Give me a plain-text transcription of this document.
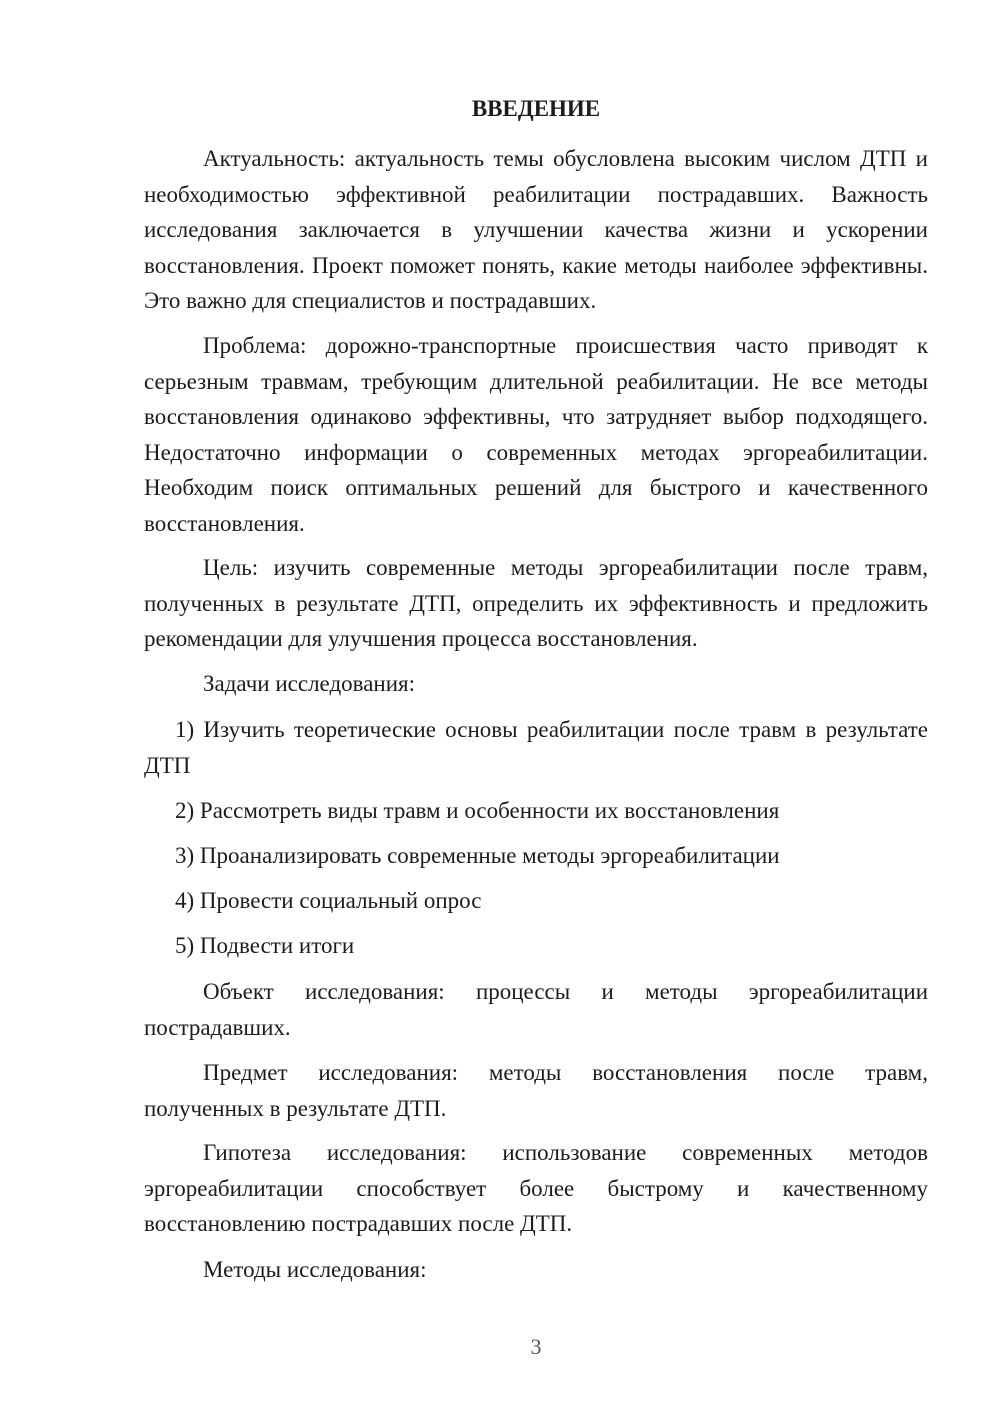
ВВЕДЕНИЕ

Актуальность: актуальность темы обусловлена высоким числом ДТП и необходимостью эффективной реабилитации пострадавших. Важность исследования заключается в улучшении качества жизни и ускорении восстановления. Проект поможет понять, какие методы наиболее эффективны. Это важно для специалистов и пострадавших.

Проблема: дорожно-транспортные происшествия часто приводят к серьезным травмам, требующим длительной реабилитации. Не все методы восстановления одинаково эффективны, что затрудняет выбор подходящего. Недостаточно информации о современных методах эргореабилитации. Необходим поиск оптимальных решений для быстрого и качественного восстановления.

Цель: изучить современные методы эргореабилитации после травм, полученных в результате ДТП, определить их эффективность и предложить рекомендации для улучшения процесса восстановления.

Задачи исследования:

1) Изучить теоретические основы реабилитации после травм в результате ДТП

2) Рассмотреть виды травм и особенности их восстановления

3) Проанализировать современные методы эргореабилитации

4) Провести социальный опрос

5) Подвести итоги

Объект исследования: процессы и методы эргореабилитации пострадавших.

Предмет исследования: методы восстановления после травм, полученных в результате ДТП.

Гипотеза исследования: использование современных методов эргореабилитации способствует более быстрому и качественному восстановлению пострадавших после ДТП.

Методы исследования:

3
